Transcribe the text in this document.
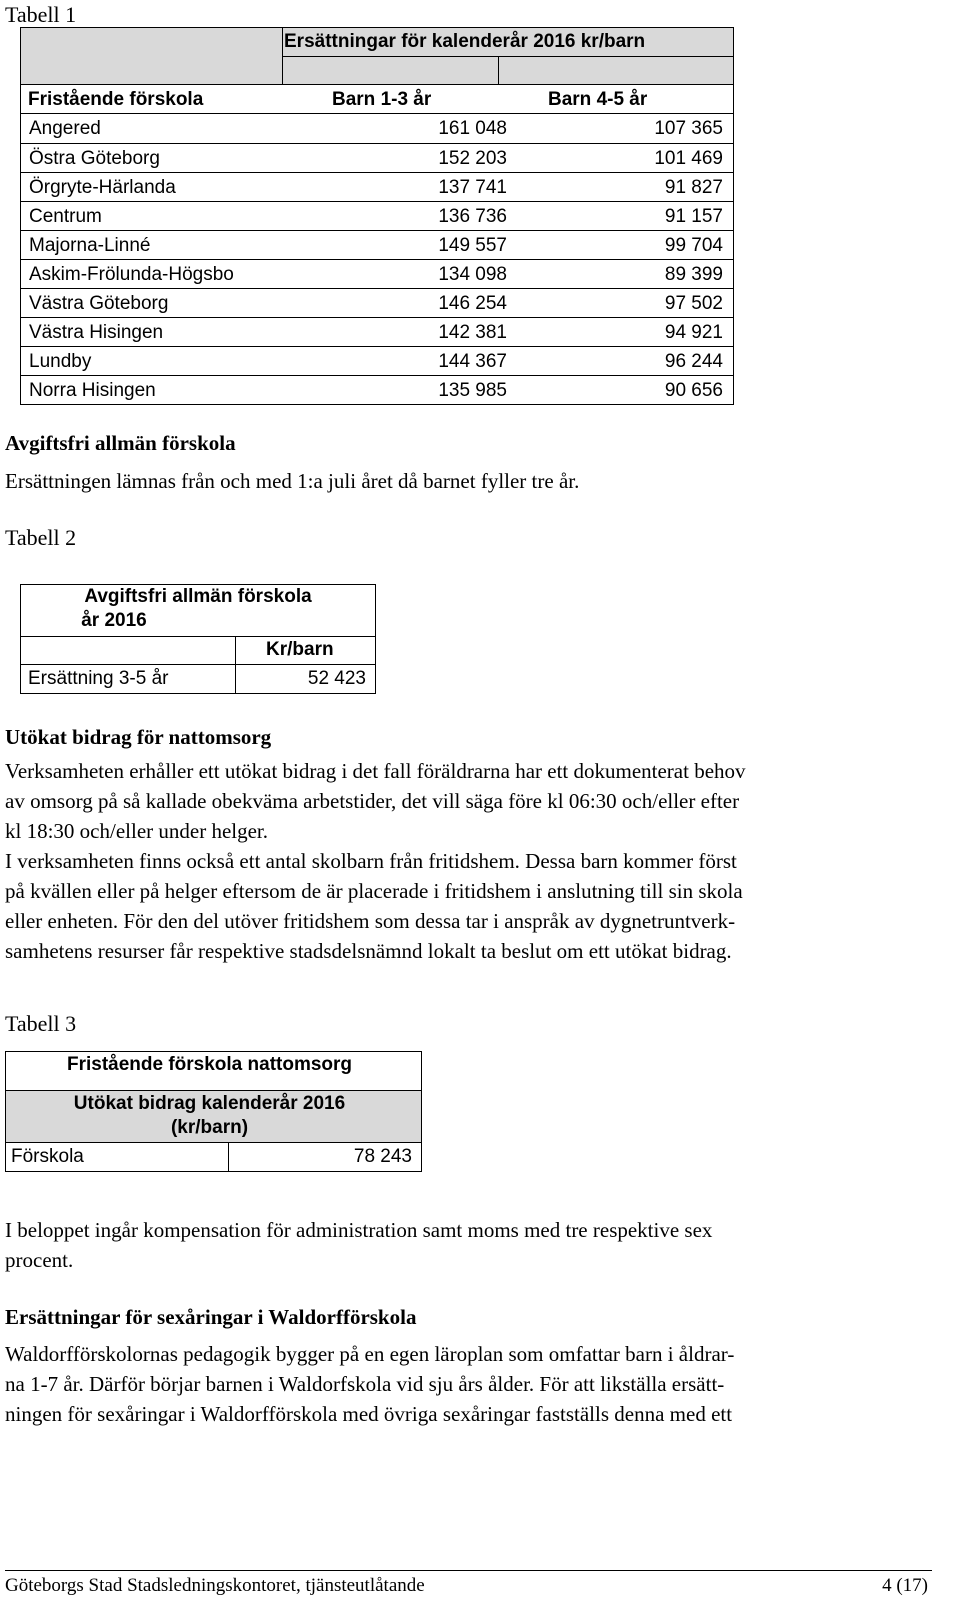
Tabell 1
Ersättningar för kalenderår 2016 kr/barn
Fristående förskola	Barn 1-3 år	Barn 4-5 år
Angered	161 048	107 365
Östra Göteborg	152 203	101 469
Örgryte-Härlanda	137 741	91 827
Centrum	136 736	91 157
Majorna-Linné	149 557	99 704
Askim-Frölunda-Högsbo	134 098	89 399
Västra Göteborg	146 254	97 502
Västra Hisingen	142 381	94 921
Lundby	144 367	96 244
Norra Hisingen	135 985	90 656
Avgiftsfri allmän förskola
Ersättningen lämnas från och med 1:a juli året då barnet fyller tre år.
Tabell 2
Avgiftsfri allmän förskola
år 2016
Kr/barn
Ersättning 3-5 år	52 423
Utökat bidrag för nattomsorg
Verksamheten erhåller ett utökat bidrag i det fall föräldrarna har ett dokumenterat behov
av omsorg på så kallade obekväma arbetstider, det vill säga före kl 06:30 och/eller efter
kl 18:30 och/eller under helger.
I verksamheten finns också ett antal skolbarn från fritidshem. Dessa barn kommer först
på kvällen eller på helger eftersom de är placerade i fritidshem i anslutning till sin skola
eller enheten. För den del utöver fritidshem som dessa tar i anspråk av dygnetruntverk-
samhetens resurser får respektive stadsdelsnämnd lokalt ta beslut om ett utökat bidrag.
Tabell 3
Fristående förskola nattomsorg
Utökat bidrag kalenderår 2016
(kr/barn)
Förskola	78 243
I beloppet ingår kompensation för administration samt moms med tre respektive sex
procent.
Ersättningar för sexåringar i Waldorfförskola
Waldorfförskolornas pedagogik bygger på en egen läroplan som omfattar barn i åldrar-
na 1-7 år. Därför börjar barnen i Waldorfskola vid sju års ålder. För att likställa ersätt-
ningen för sexåringar i Waldorfförskola med övriga sexåringar fastställs denna med ett
Göteborgs Stad Stadsledningskontoret, tjänsteutlåtande	4 (17)
